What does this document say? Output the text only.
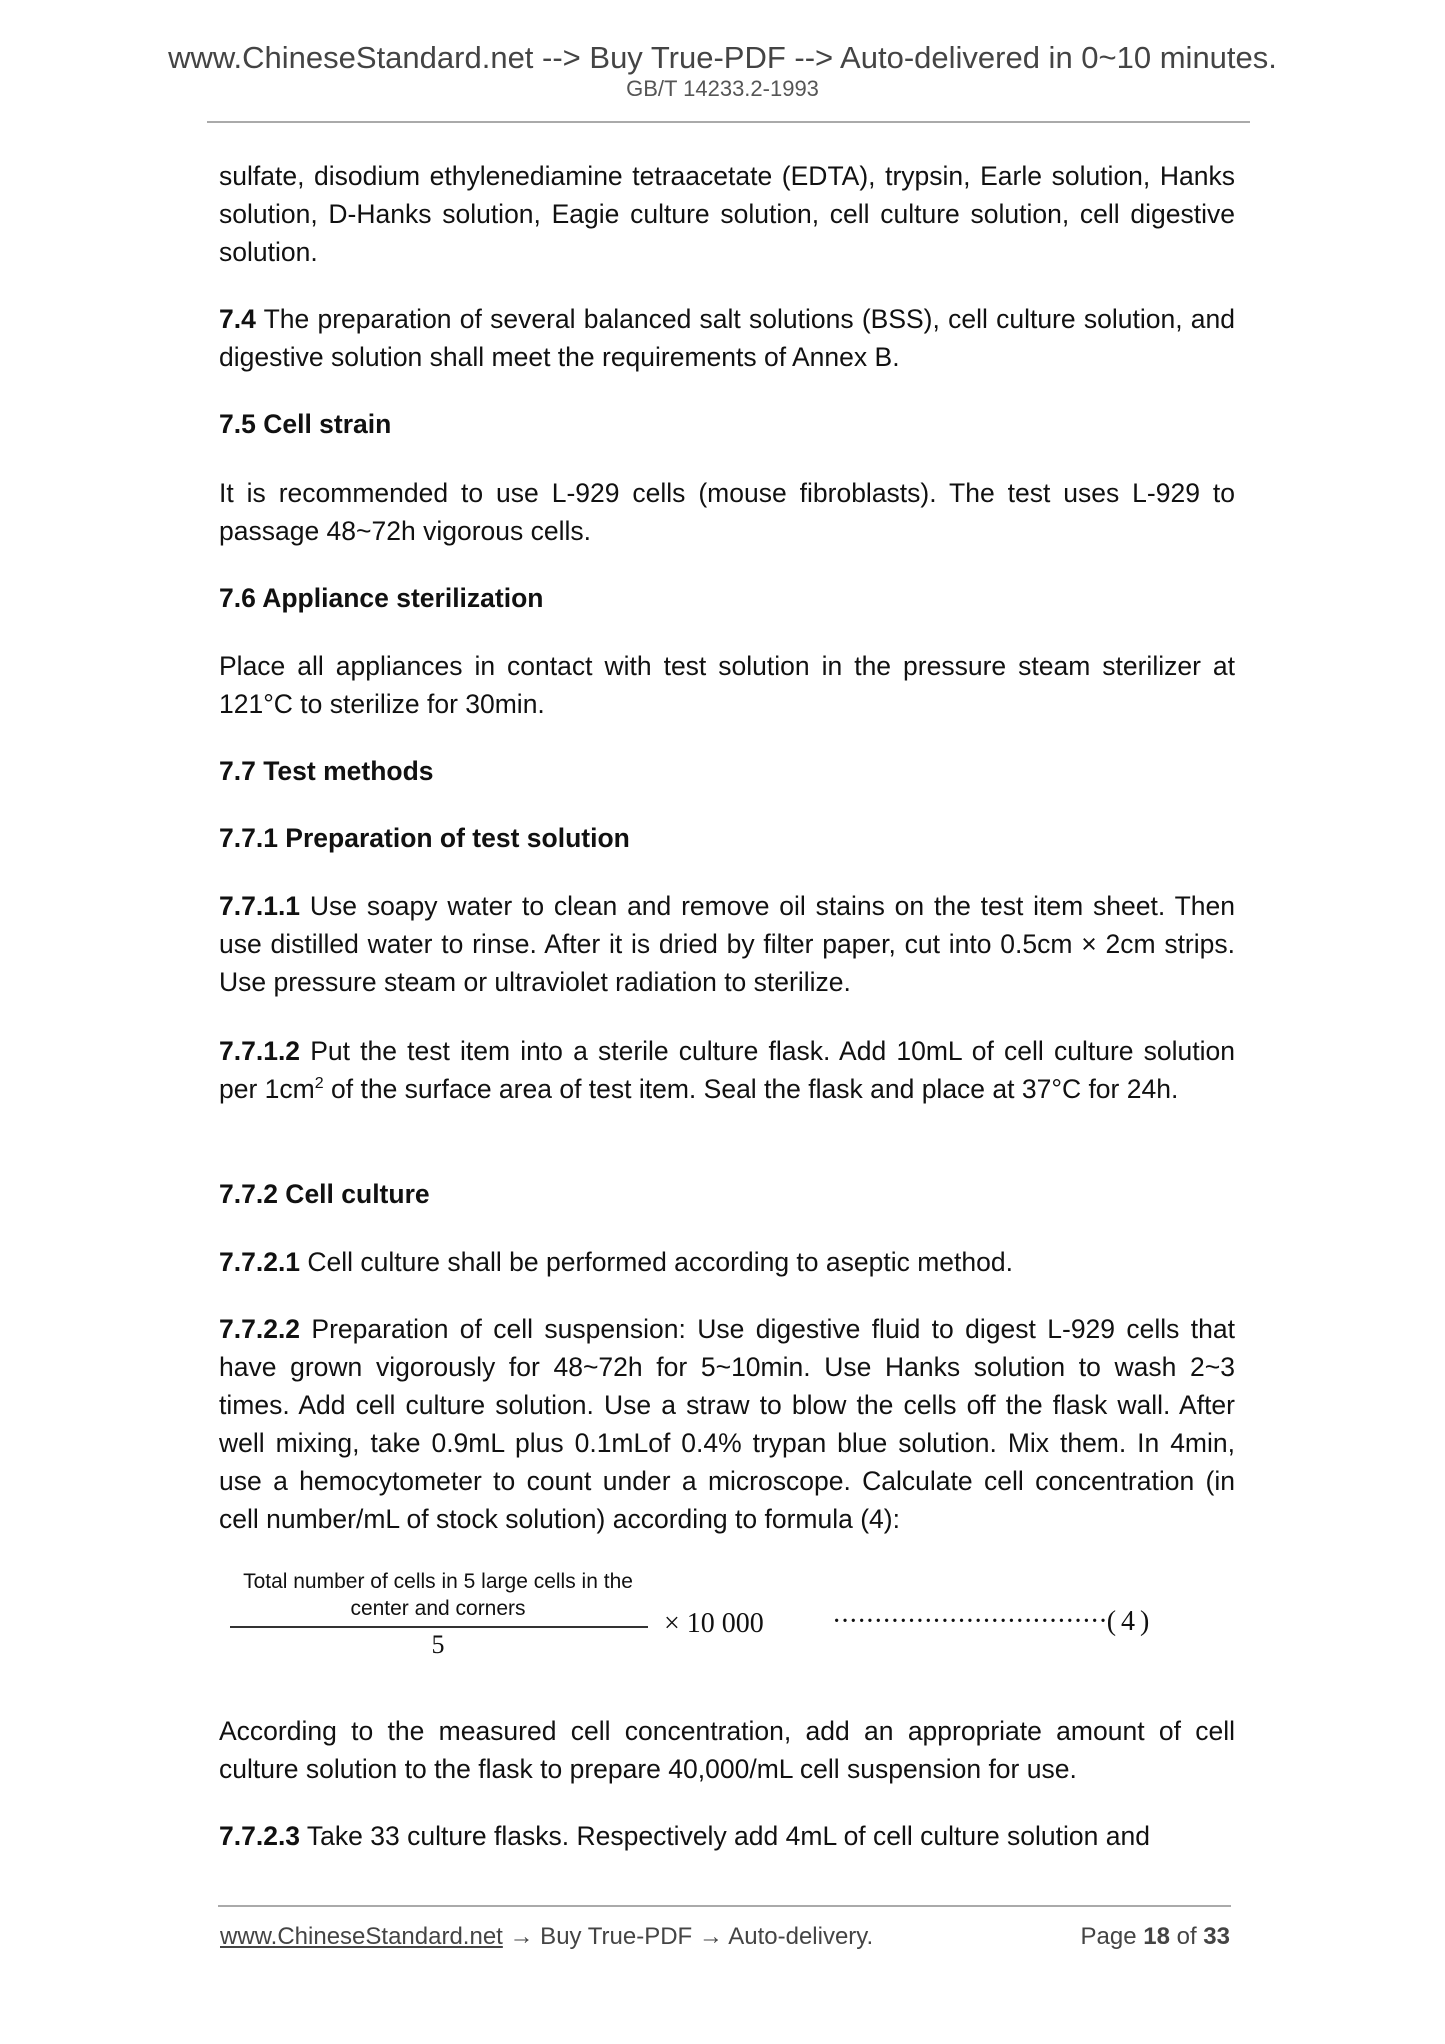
www.ChineseStandard.net --> Buy True-PDF --> Auto-delivered in 0~10 minutes.
GB/T 14233.2-1993
sulfate, disodium ethylenediamine tetraacetate (EDTA), trypsin, Earle solution, Hanks solution, D-Hanks solution, Eagie culture solution, cell culture solution, cell digestive solution.
7.4 The preparation of several balanced salt solutions (BSS), cell culture solution, and digestive solution shall meet the requirements of Annex B.
7.5 Cell strain
It is recommended to use L-929 cells (mouse fibroblasts). The test uses L-929 to passage 48~72h vigorous cells.
7.6 Appliance sterilization
Place all appliances in contact with test solution in the pressure steam sterilizer at 121°C to sterilize for 30min.
7.7 Test methods
7.7.1 Preparation of test solution
7.7.1.1 Use soapy water to clean and remove oil stains on the test item sheet. Then use distilled water to rinse. After it is dried by filter paper, cut into 0.5cm × 2cm strips. Use pressure steam or ultraviolet radiation to sterilize.
7.7.1.2 Put the test item into a sterile culture flask. Add 10mL of cell culture solution per $1cm^2$ of the surface area of test item. Seal the flask and place at 37°C for 24h.
7.7.2 Cell culture
7.7.2.1 Cell culture shall be performed according to aseptic method.
7.7.2.2 Preparation of cell suspension: Use digestive fluid to digest L-929 cells that have grown vigorously for 48~72h for 5~10min. Use Hanks solution to wash 2~3 times. Add cell culture solution. Use a straw to blow the cells off the flask wall. After well mixing, take 0.9mL plus 0.1mLof 0.4% trypan blue solution. Mix them. In 4min, use a hemocytometer to count under a microscope. Calculate cell concentration (in cell number/mL of stock solution) according to formula (4):
Total number of cells in 5 large cells in the center and corners
5
× 10 000 ·································( 4 )
According to the measured cell concentration, add an appropriate amount of cell culture solution to the flask to prepare 40,000/mL cell suspension for use.
7.7.2.3 Take 33 culture flasks. Respectively add 4mL of cell culture solution and
www.ChineseStandard.net → Buy True-PDF → Auto-delivery.	Page 18 of 33
